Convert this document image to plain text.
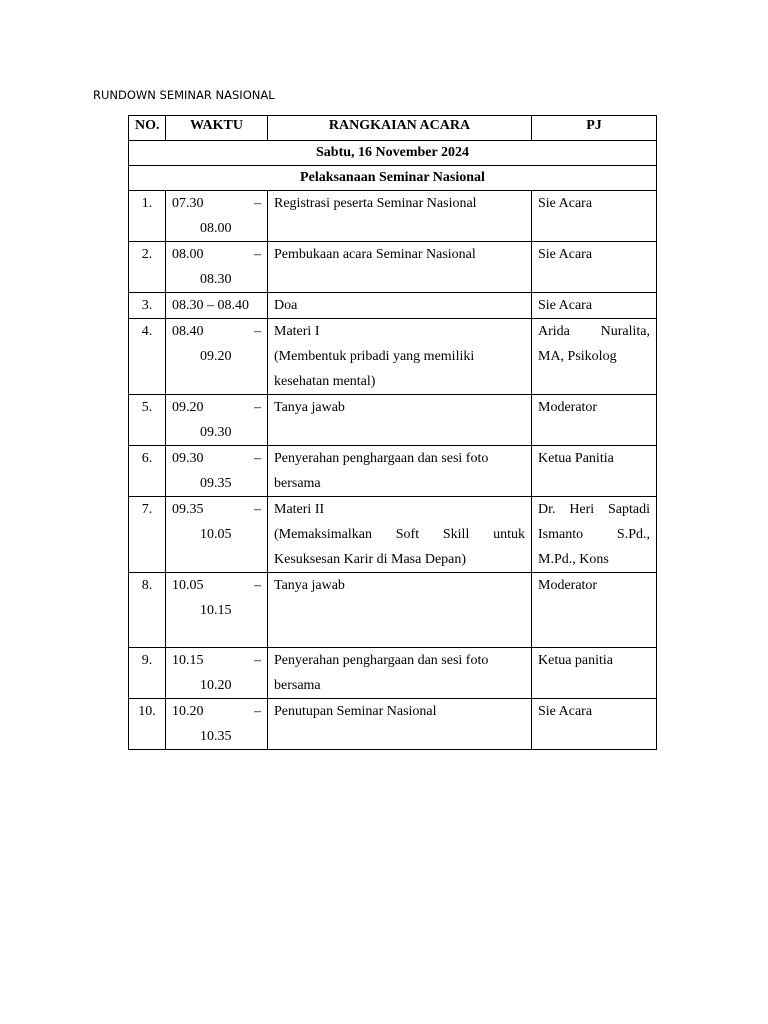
RUNDOWN SEMINAR NASIONAL
NO.	WAKTU	RANGKAIAN ACARA	PJ
Sabtu, 16 November 2024			
Pelaksanaan Seminar Nasional			
1.	07.30 –
08.00	Registrasi peserta Seminar Nasional	Sie Acara

2.	08.00 –
08.30	Pembukaan acara Seminar Nasional	Sie Acara

3.	08.30 – 08.40	Doa	Sie Acara

4.	08.40 –
09.20	Materi I
(Membentuk pribadi yang memiliki
kesehatan mental)	Arida Nuralita,
MA, Psikolog

5.	09.20 –
09.30	Tanya jawab	Moderator

6.	09.30 –
09.35	Penyerahan penghargaan dan sesi foto
bersama	Ketua Panitia

7.	09.35 –
10.05	Materi II
(Memaksimalkan Soft Skill untuk
Kesuksesan Karir di Masa Depan)	Dr. Heri Saptadi
Ismanto S.Pd.,
M.Pd., Kons

8.	10.05 –
10.15	Tanya jawab	Moderator

9.	10.15 –
10.20	Penyerahan penghargaan dan sesi foto
bersama	Ketua panitia

10.	10.20 –
10.35	Penutupan Seminar Nasional	Sie Acara
